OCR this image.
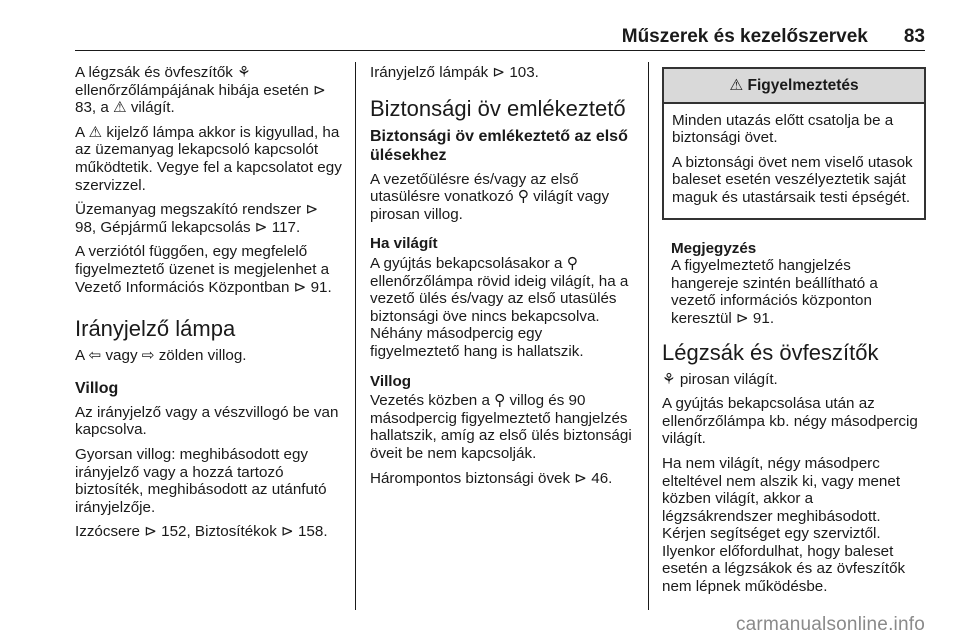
Műszerek és kezelőszervek 83

A légzsák és övfeszítők ⚘ ellenőrzőlámpájának hibája esetén ⊳ 83, a ⚠ világít.

A ⚠ kijelző lámpa akkor is kigyullad, ha az üzemanyag lekapcsoló kapcsolót működtetik. Vegye fel a kapcsolatot egy szervizzel.

Üzemanyag megszakító rendszer ⊳ 98, Gépjármű lekapcsolás ⊳ 117.

A verziótól függően, egy megfelelő figyelmeztető üzenet is megjelenhet a Vezető Információs Központban ⊳ 91.

Irányjelző lámpa

A ⇦ vagy ⇨ zölden villog.

Villog

Az irányjelző vagy a vészvillogó be van kapcsolva.

Gyorsan villog: meghibásodott egy irányjelző vagy a hozzá tartozó biztosíték, meghibásodott az utánfutó irányjelzője.

Izzócsere ⊳ 152, Biztosítékok ⊳ 158.

Irányjelző lámpák ⊳ 103.

Biztonsági öv emlékeztető
Biztonsági öv emlékeztető az első ülésekhez

A vezetőülésre és/vagy az első utasülésre vonatkozó ⚲ világít vagy pirosan villog.

Ha világít

A gyújtás bekapcsolásakor a ⚲ ellenőrzőlámpa rövid ideig világít, ha a vezető ülés és/vagy az első utasülés biztonsági öve nincs bekapcsolva. Néhány másodpercig egy figyelmeztető hang is hallatszik.

Villog

Vezetés közben a ⚲ villog és 90 másodpercig figyelmeztető hangjelzés hallatszik, amíg az első ülés biztonsági öveit be nem kapcsolják.

Hárompontos biztonsági övek ⊳ 46.

⚠ Figyelmeztetés

Minden utazás előtt csatolja be a biztonsági övet.

A biztonsági övet nem viselő utasok baleset esetén veszélyeztetik saját maguk és utastársaik testi épségét.

Megjegyzés
A figyelmeztető hangjelzés hangereje szintén beállítható a vezető információs központon keresztül ⊳ 91.
Légzsák és övfeszítők

⚘ pirosan világít.

A gyújtás bekapcsolása után az ellenőrzőlámpa kb. négy másodpercig világít.

Ha nem világít, négy másodperc elteltével nem alszik ki, vagy menet közben világít, akkor a légzsákrendszer meghibásodott. Kérjen segítséget egy szerviztől. Ilyenkor előfordulhat, hogy baleset esetén a légzsákok és az övfeszítők nem lépnek működésbe.

carmanualsonline.info
